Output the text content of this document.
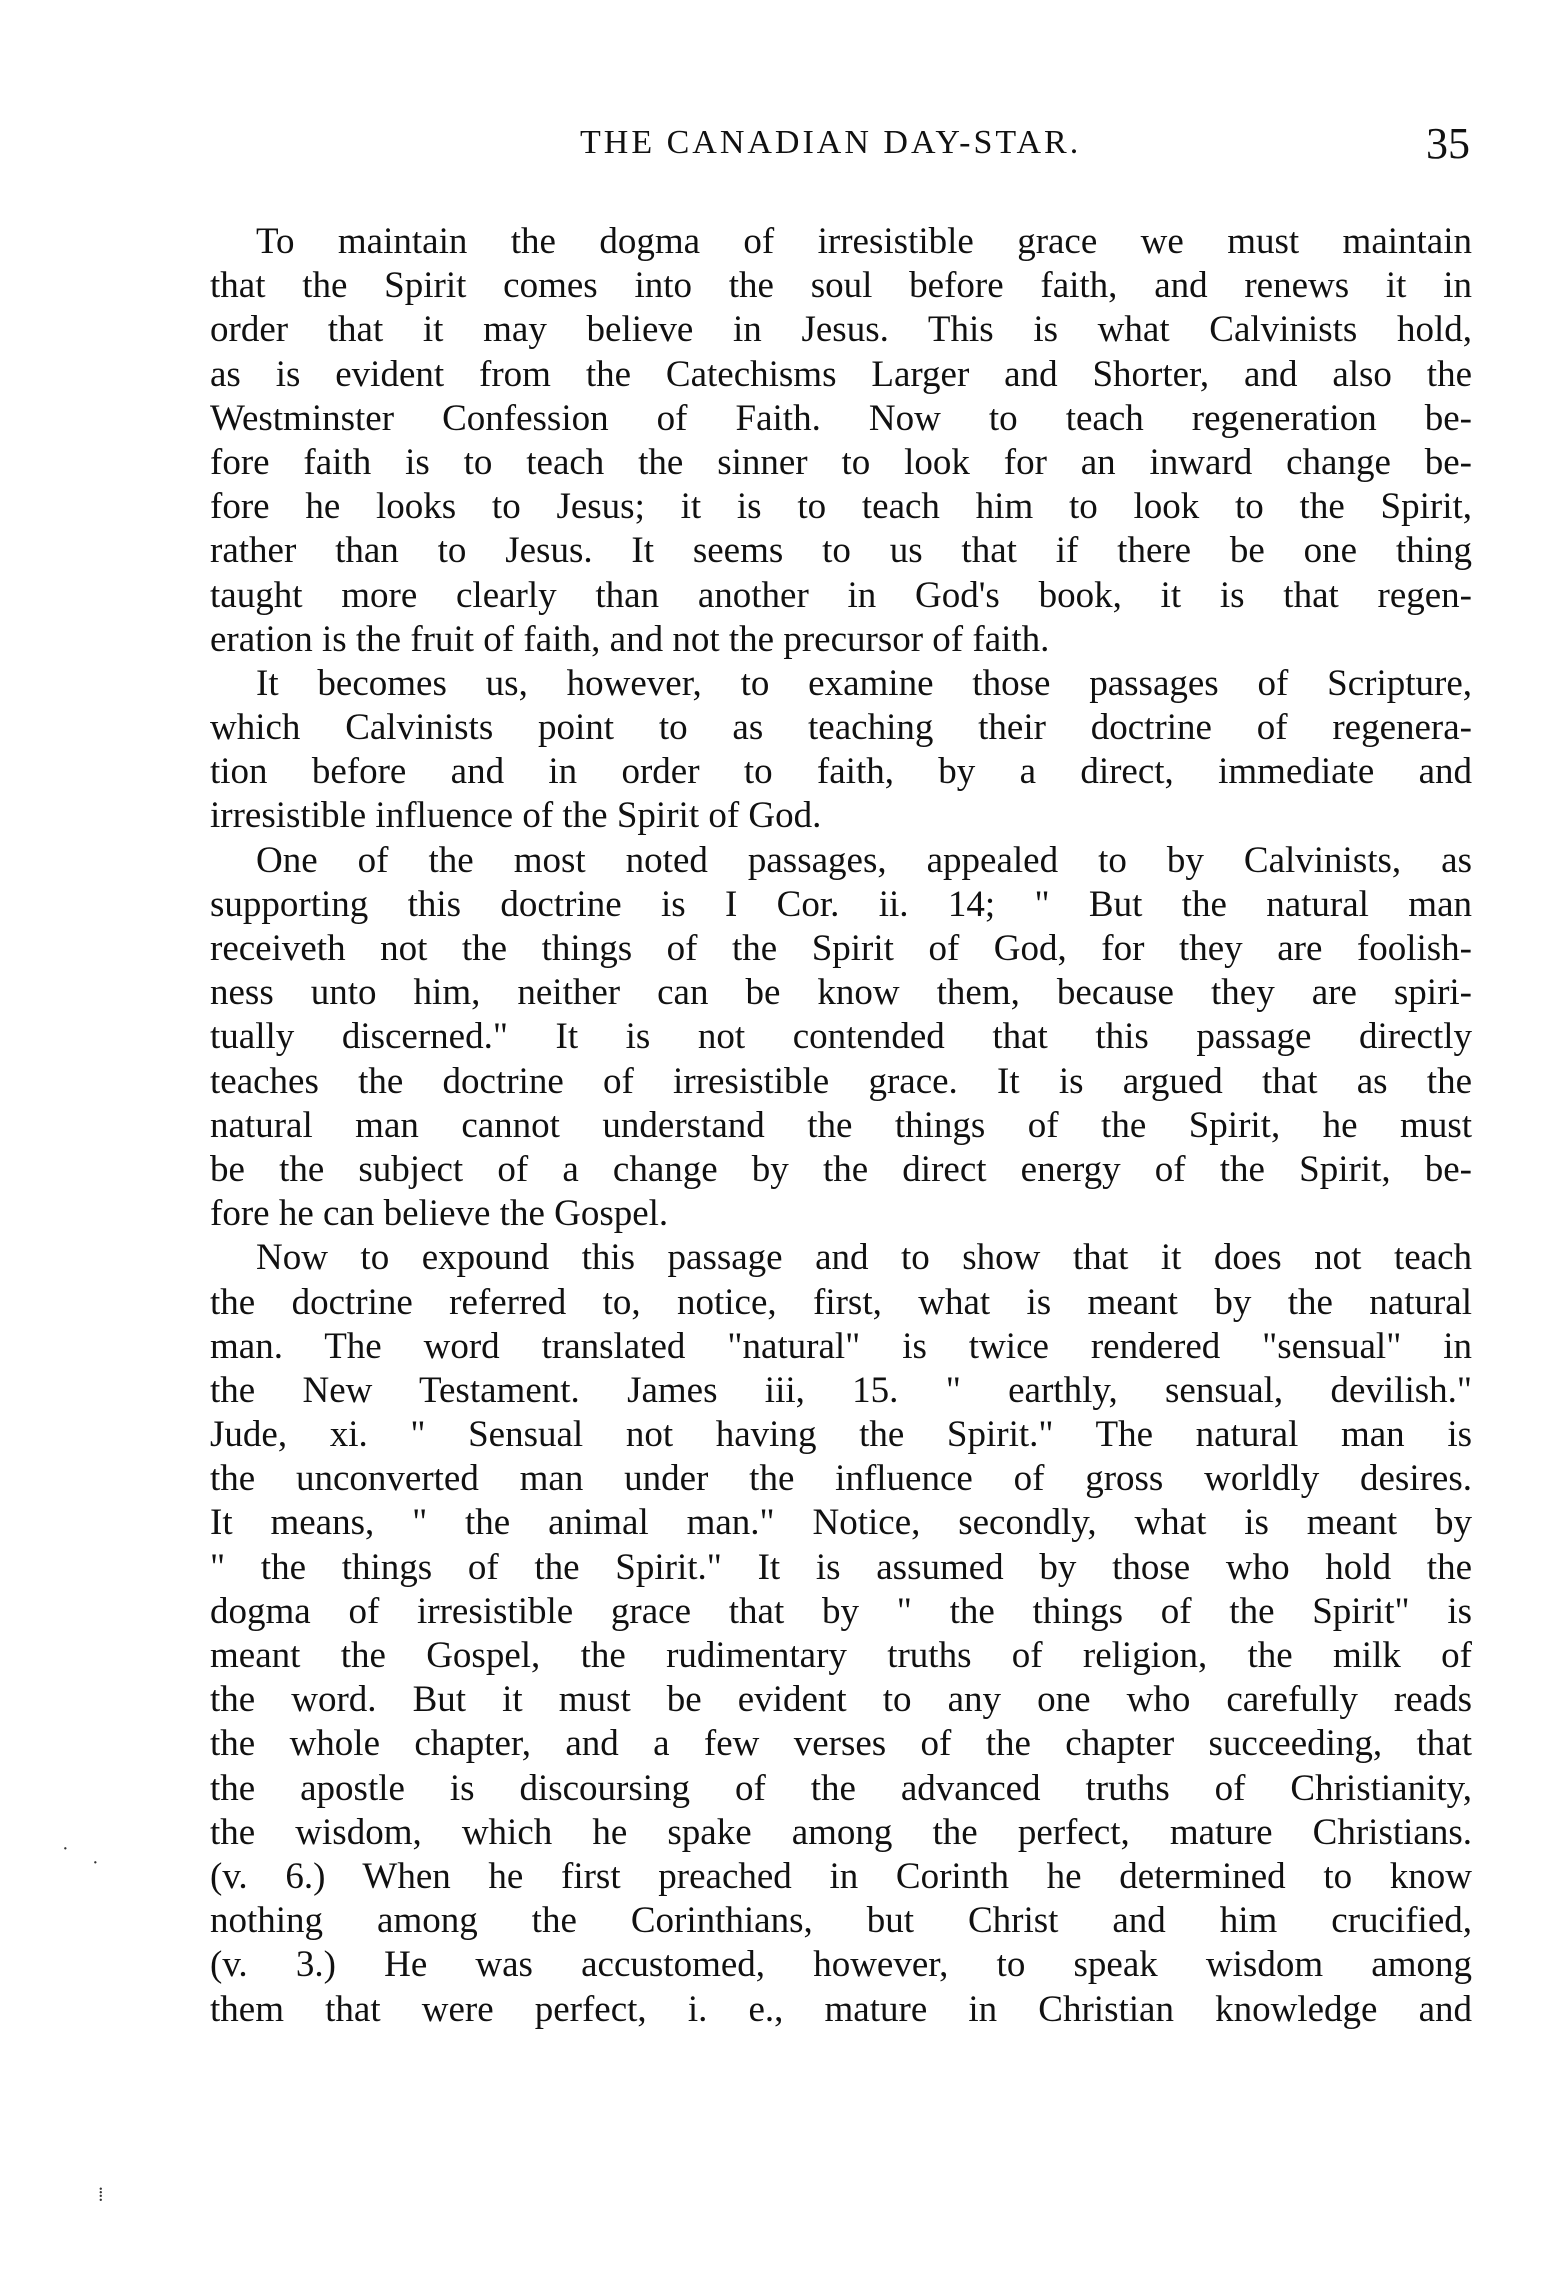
THE CANADIAN DAY-STAR.	35
To maintain the dogma of irresistible grace we must maintain
that the Spirit comes into the soul before faith, and renews it in
order that it may believe in Jesus. This is what Calvinists hold,
as is evident from the Catechisms Larger and Shorter, and also the
Westminster Confession of Faith. Now to teach regeneration be-
fore faith is to teach the sinner to look for an inward change be-
fore he looks to Jesus; it is to teach him to look to the Spirit,
rather than to Jesus. It seems to us that if there be one thing
taught more clearly than another in God's book, it is that regen-
eration is the fruit of faith, and not the precursor of faith.
It becomes us, however, to examine those passages of Scripture,
which Calvinists point to as teaching their doctrine of regenera-
tion before and in order to faith, by a direct, immediate and
irresistible influence of the Spirit of God.
One of the most noted passages, appealed to by Calvinists, as
supporting this doctrine is I Cor. ii. 14; " But the natural man
receiveth not the things of the Spirit of God, for they are foolish-
ness unto him, neither can be know them, because they are spiri-
tually discerned." It is not contended that this passage directly
teaches the doctrine of irresistible grace. It is argued that as the
natural man cannot understand the things of the Spirit, he must
be the subject of a change by the direct energy of the Spirit, be-
fore he can believe the Gospel.
Now to expound this passage and to show that it does not teach
the doctrine referred to, notice, first, what is meant by the natural
man. The word translated "natural" is twice rendered "sensual" in
the New Testament. James iii, 15. " earthly, sensual, devilish."
Jude, xi. " Sensual not having the Spirit." The natural man is
the unconverted man under the influence of gross worldly desires.
It means, " the animal man." Notice, secondly, what is meant by
" the things of the Spirit." It is assumed by those who hold the
dogma of irresistible grace that by " the things of the Spirit" is
meant the Gospel, the rudimentary truths of religion, the milk of
the word. But it must be evident to any one who carefully reads
the whole chapter, and a few verses of the chapter succeeding, that
the apostle is discoursing of the advanced truths of Christianity,
the wisdom, which he spake among the perfect, mature Christians.
(v. 6.) When he first preached in Corinth he determined to know
nothing among the Corinthians, but Christ and him crucified,
(v. 3.) He was accustomed, however, to speak wisdom among
them that were perfect, i. e., mature in Christian knowledge and
·
·
⁞
